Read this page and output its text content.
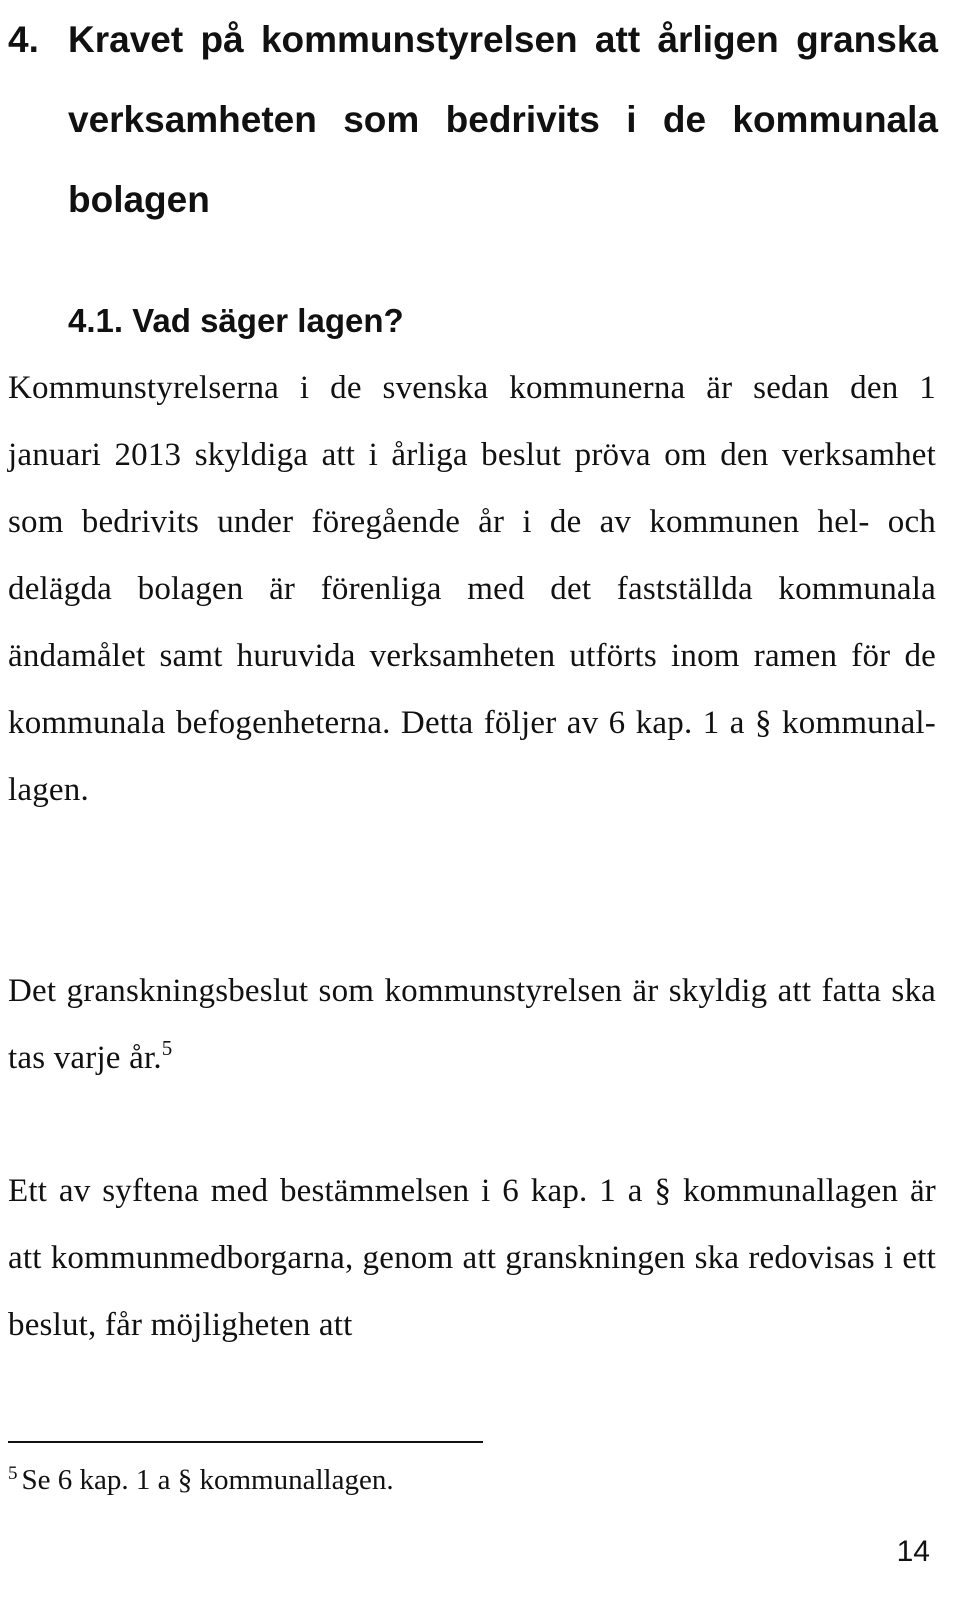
4. Kravet på kommunstyrelsen att årligen granska verksamheten som bedrivits i de kommunala bolagen
4.1. Vad säger lagen?

Kommunstyrelserna i de svenska kommunerna är sedan den 1 januari 2013 skyldiga att i årliga beslut pröva om den verksamhet som bedrivits under föregående år i de av kommunen hel- och delägda bolagen är förenliga med det fastställda kommunala ändamålet samt huruvida verksamheten utförts inom ramen för de kommunala befogenheterna. Detta följer av 6 kap. 1 a § kommunal-lagen.

Det granskningsbeslut som kommunstyrelsen är skyldig att fatta ska tas varje år.$^5$

Ett av syftena med bestämmelsen i 6 kap. 1 a § kommunallagen är att kommunmedborgarna, genom att granskningen ska redovisas i ett beslut, får möjligheten att

$^5$ Se 6 kap. 1 a § kommunallagen.

14
